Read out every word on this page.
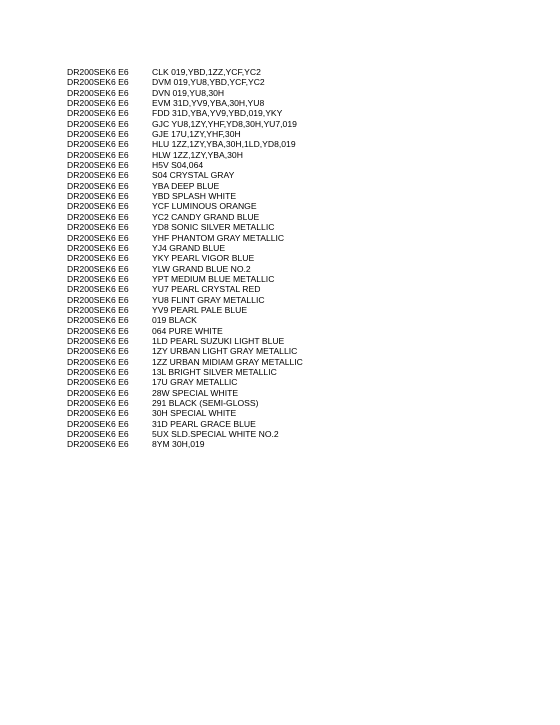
DR200SEK6 E6	CLK 019,YBD,1ZZ,YCF,YC2
DR200SEK6 E6	DVM 019,YU8,YBD,YCF,YC2
DR200SEK6 E6	DVN 019,YU8,30H
DR200SEK6 E6	EVM 31D,YV9,YBA,30H,YU8
DR200SEK6 E6	FDD 31D,YBA,YV9,YBD,019,YKY
DR200SEK6 E6	GJC YU8,1ZY,YHF,YD8,30H,YU7,019
DR200SEK6 E6	GJE 17U,1ZY,YHF,30H
DR200SEK6 E6	HLU 1ZZ,1ZY,YBA,30H,1LD,YD8,019
DR200SEK6 E6	HLW 1ZZ,1ZY,YBA,30H
DR200SEK6 E6	H5V S04,064
DR200SEK6 E6	S04 CRYSTAL GRAY
DR200SEK6 E6	YBA DEEP BLUE
DR200SEK6 E6	YBD SPLASH WHITE
DR200SEK6 E6	YCF LUMINOUS ORANGE
DR200SEK6 E6	YC2 CANDY GRAND BLUE
DR200SEK6 E6	YD8 SONIC SILVER METALLIC
DR200SEK6 E6	YHF PHANTOM GRAY METALLIC
DR200SEK6 E6	YJ4 GRAND BLUE
DR200SEK6 E6	YKY PEARL VIGOR BLUE
DR200SEK6 E6	YLW GRAND BLUE NO.2
DR200SEK6 E6	YPT MEDIUM BLUE METALLIC
DR200SEK6 E6	YU7 PEARL CRYSTAL RED
DR200SEK6 E6	YU8 FLINT GRAY METALLIC
DR200SEK6 E6	YV9 PEARL PALE BLUE
DR200SEK6 E6	019 BLACK
DR200SEK6 E6	064 PURE WHITE
DR200SEK6 E6	1LD PEARL SUZUKI LIGHT BLUE
DR200SEK6 E6	1ZY URBAN LIGHT GRAY METALLIC
DR200SEK6 E6	1ZZ URBAN MIDIAM GRAY METALLIC
DR200SEK6 E6	13L BRIGHT SILVER METALLIC
DR200SEK6 E6	17U GRAY METALLIC
DR200SEK6 E6	28W SPECIAL WHITE
DR200SEK6 E6	291 BLACK (SEMI-GLOSS)
DR200SEK6 E6	30H SPECIAL WHITE
DR200SEK6 E6	31D PEARL GRACE BLUE
DR200SEK6 E6	5UX SLD.SPECIAL WHITE NO.2
DR200SEK6 E6	8YM 30H,019
